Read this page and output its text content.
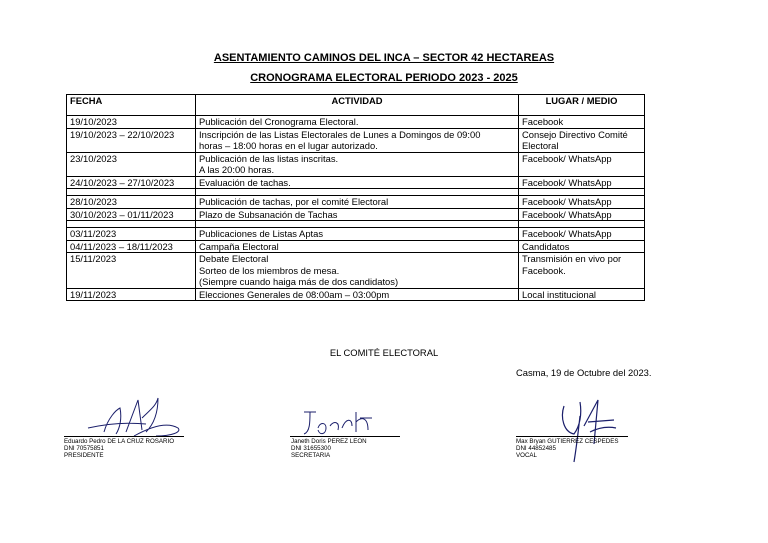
ASENTAMIENTO CAMINOS DEL INCA – SECTOR 42 HECTAREAS
CRONOGRAMA ELECTORAL PERIODO 2023 - 2025
FECHA	ACTIVIDAD	LUGAR / MEDIO
19/10/2023	Publicación del Cronograma Electoral.	Facebook

19/10/2023 – 22/10/2023	Inscripción de las Listas Electorales de Lunes a Domingos de 09:00
horas – 18:00 horas en el lugar autorizado.	Consejo Directivo Comité
Electoral

23/10/2023	Publicación de las listas inscritas.
A las 20:00 horas.	Facebook/ WhatsApp

24/10/2023 – 27/10/2023	Evaluación de tachas.	Facebook/ WhatsApp

28/10/2023	Publicación de tachas, por el comité Electoral	Facebook/ WhatsApp

30/10/2023 – 01/11/2023	Plazo de Subsanación de Tachas	Facebook/ WhatsApp

03/11/2023	Publicaciones de Listas Aptas	Facebook/ WhatsApp

04/11/2023 – 18/11/2023	Campaña Electoral	Candidatos

15/11/2023	Debate Electoral
Sorteo de los miembros de mesa.
(Siempre cuando haiga más de dos candidatos)	Transmisión en vivo por
Facebook.

19/11/2023	Elecciones Generales de 08:00am – 03:00pm	Local institucional

EL COMITÉ ELECTORAL

Casma, 19 de Octubre del 2023.

Eduardo Pedro DE LA CRUZ ROSARIO
DNI 70575851
PRESIDENTE
Janeth Doris PEREZ LEON
DNI 31655300
SECRETARIA
Max Bryan GUTIERREZ CESPEDES
DNI 44852485
VOCAL
